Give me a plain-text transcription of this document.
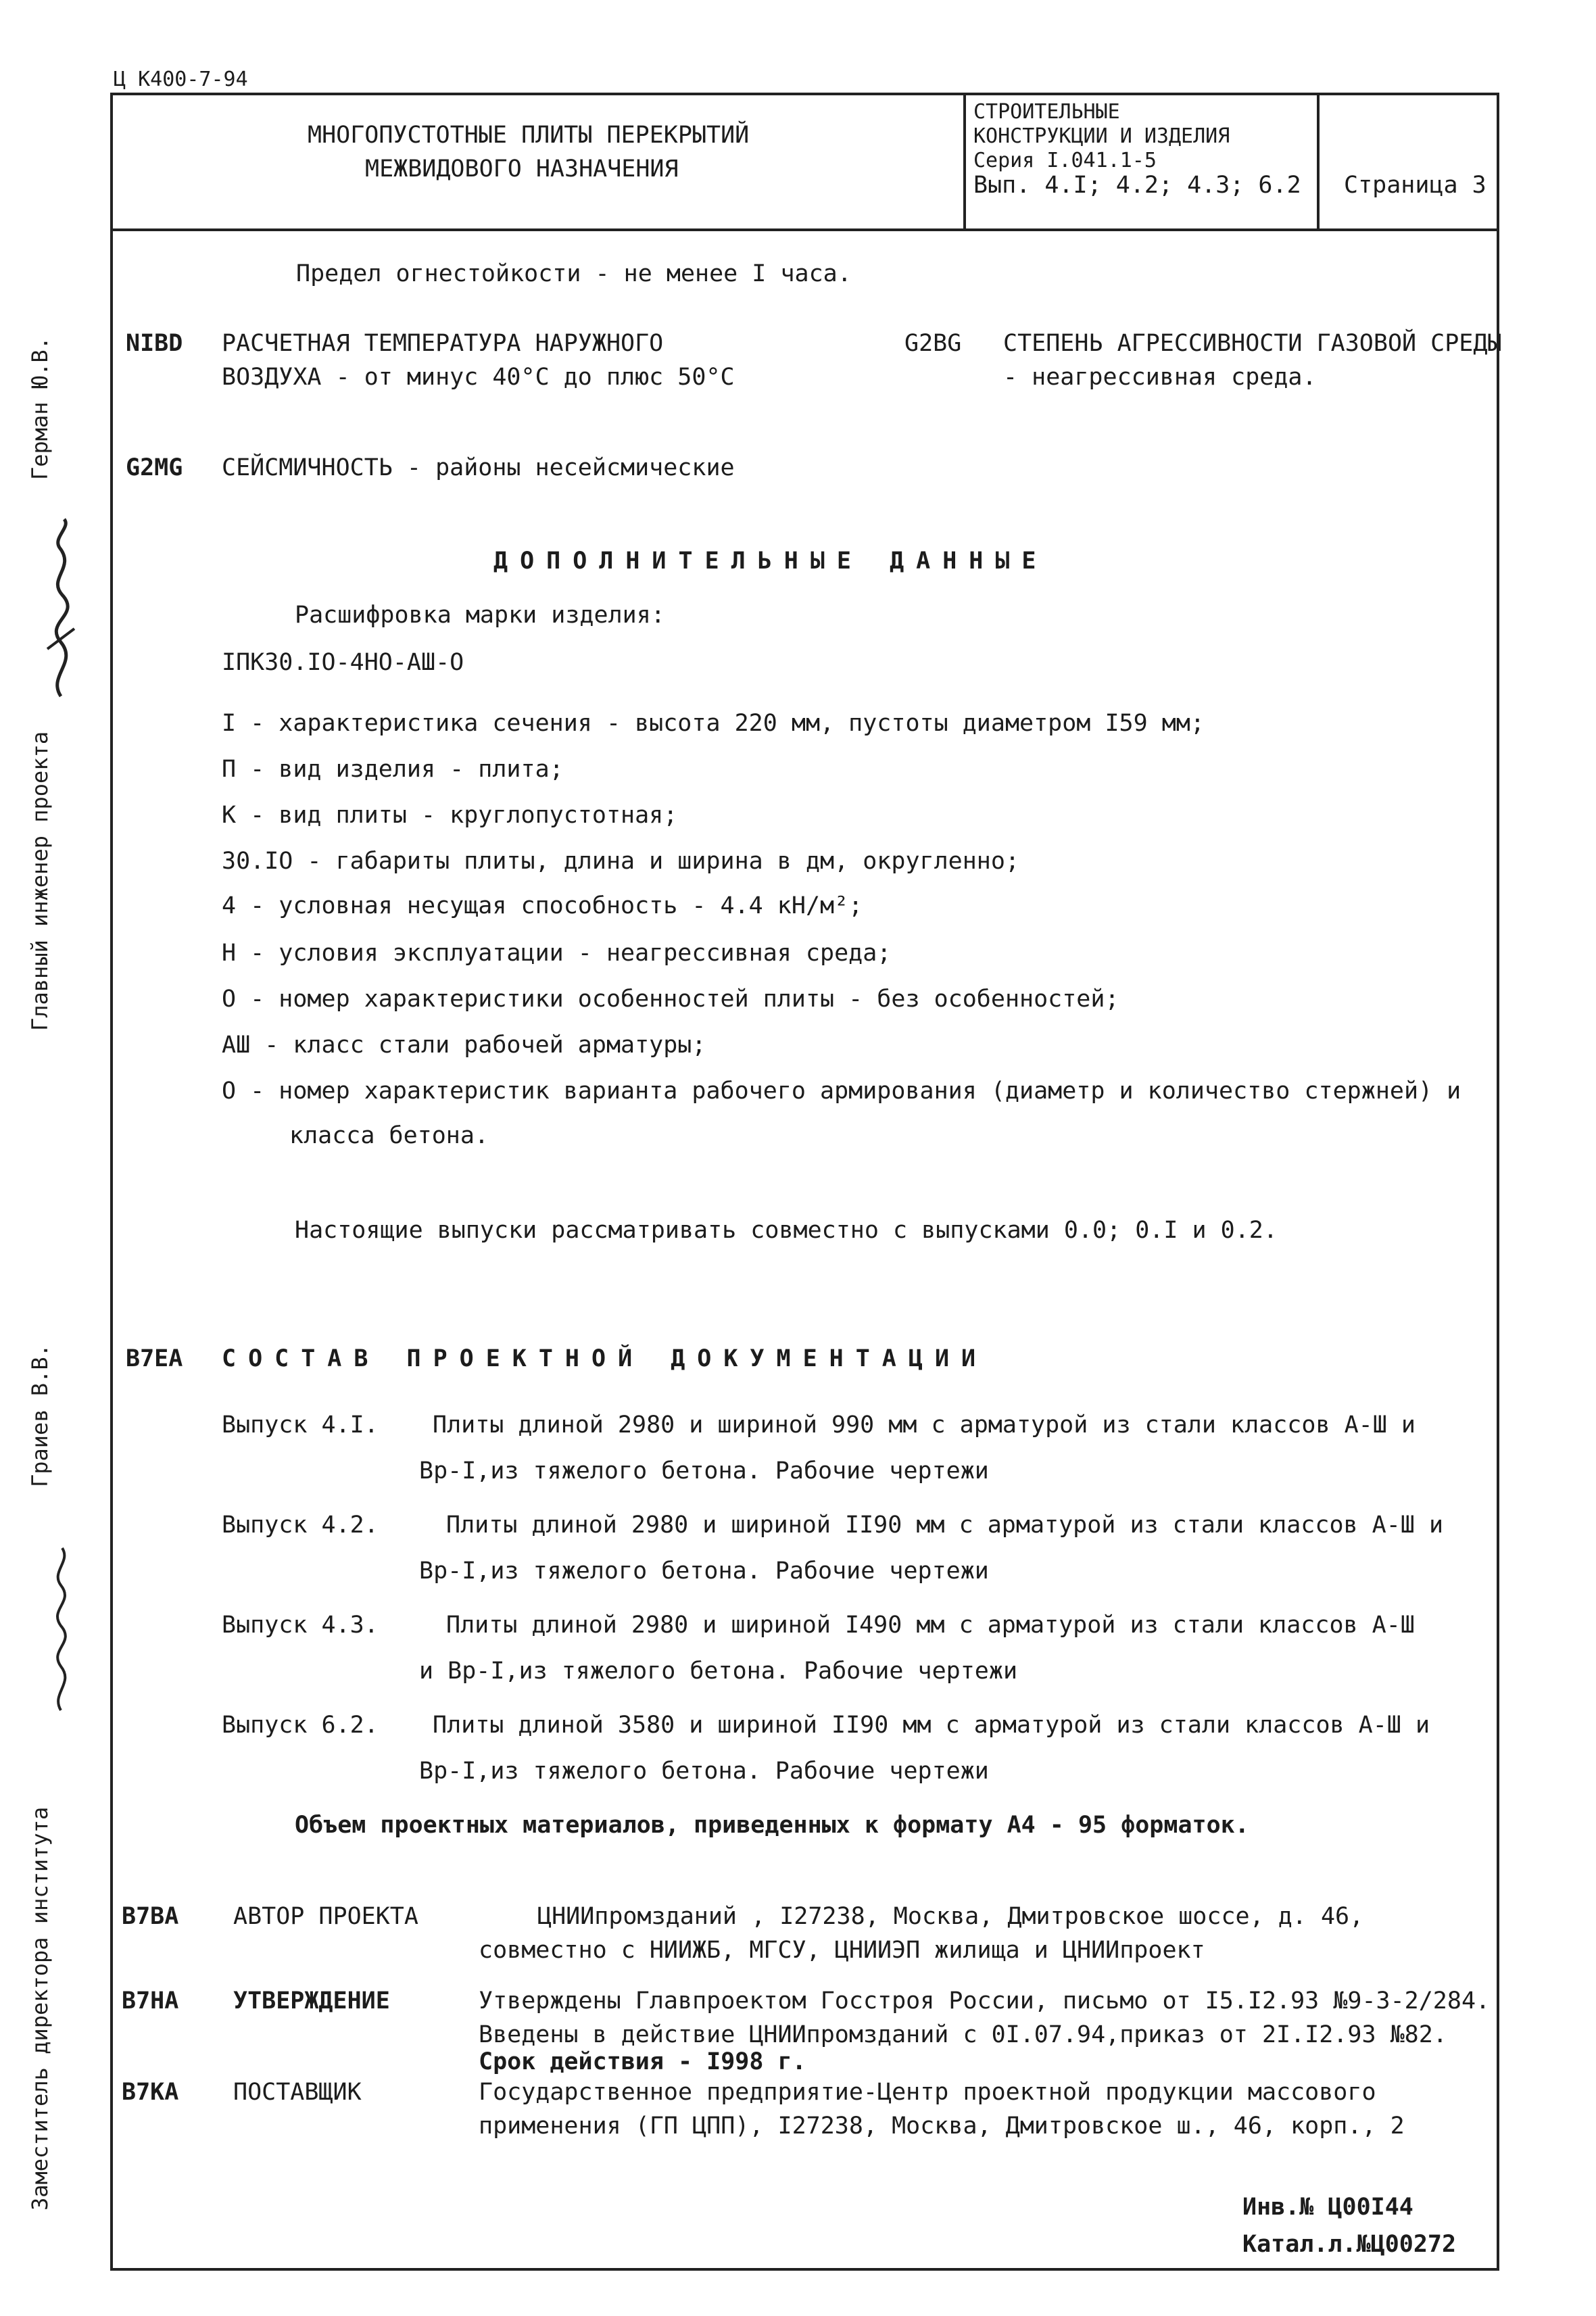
Ц К400-7-94
МНОГОПУСТОТНЫЕ ПЛИТЫ ПЕРЕКРЫТИЙ
МЕЖВИДОВОГО НАЗНАЧЕНИЯ
СТРОИТЕЛЬНЫЕ
КОНСТРУКЦИИ И ИЗДЕЛИЯ
Серия I.041.1-5
Вып. 4.I; 4.2; 4.3; 6.2 Страница 3
Предел огнестойкости - не менее I часа.
NIBD РАСЧЕТНАЯ ТЕМПЕРАТУРА НАРУЖНОГО
ВОЗДУХА - от минус 40°С до плюс 50°С
G2BG СТЕПЕНЬ АГРЕССИВНОСТИ ГАЗОВОЙ СРЕДЫ
- неагрессивная среда.
G2MG СЕЙСМИЧНОСТЬ - районы несейсмические
ДОПОЛНИТЕЛЬНЫЕ ДАННЫЕ
Расшифровка марки изделия:
IПК30.IO-4НО-АШ-О
I - характеристика сечения - высота 220 мм, пустоты диаметром I59 мм;
П - вид изделия - плита;
К - вид плиты - круглопустотная;
30.IO - габариты плиты, длина и ширина в дм, округленно;
4 - условная несущая способность - 4.4 кН/м²;
Н - условия эксплуатации - неагрессивная среда;
О - номер характеристики особенностей плиты - без особенностей;
АШ - класс стали рабочей арматуры;
О - номер характеристик варианта рабочего армирования (диаметр и количество стержней) и
класса бетона.
Настоящие выпуски рассматривать совместно с выпусками 0.0; 0.I и 0.2.
B7EA СОСТАВ ПРОЕКТНОЙ ДОКУМЕНТАЦИИ
Выпуск 4.I. Плиты длиной 2980 и шириной 990 мм с арматурой из стали классов А-Ш и
Вр-I,из тяжелого бетона. Рабочие чертежи
Выпуск 4.2.	Плиты длиной 2980 и шириной II90 мм с арматурой из стали классов А-Ш и
Вр-I,из тяжелого бетона. Рабочие чертежи
Выпуск 4.3.	Плиты длиной 2980 и шириной I490 мм с арматурой из стали классов А-Ш
и Вр-I,из тяжелого бетона. Рабочие чертежи
Выпуск 6.2. Плиты длиной 3580 и шириной II90 мм с арматурой из стали классов А-Ш и
Вр-I,из тяжелого бетона. Рабочие чертежи
Объем проектных материалов, приведенных к формату А4 - 95 форматок.
B7BA АВТОР ПРОЕКТА	ЦНИИпромзданий , I27238, Москва, Дмитровское шоссе, д. 46,
совместно с НИИЖБ, МГСУ, ЦНИИЭП жилища и ЦНИИпроект
B7HA УТВЕРЖДЕНИЕ	Утверждены Главпроектом Госстроя России, письмо от I5.I2.93 №9-3-2/284.
Введены в действие ЦНИИпромзданий с 0I.07.94,приказ от 2I.I2.93 №82.
Срок действия - I998 г.
B7KA ПОСТАВЩИК	Государственное предприятие-Центр проектной продукции массового
применения (ГП ЦПП), I27238, Москва, Дмитровское ш., 46, корп., 2
Инв.№ Ц00I44
Катал.л.№Ц00272
Главный инженер проекта
Герман Ю.В.
Заместитель директора института
Граиев В.В.
